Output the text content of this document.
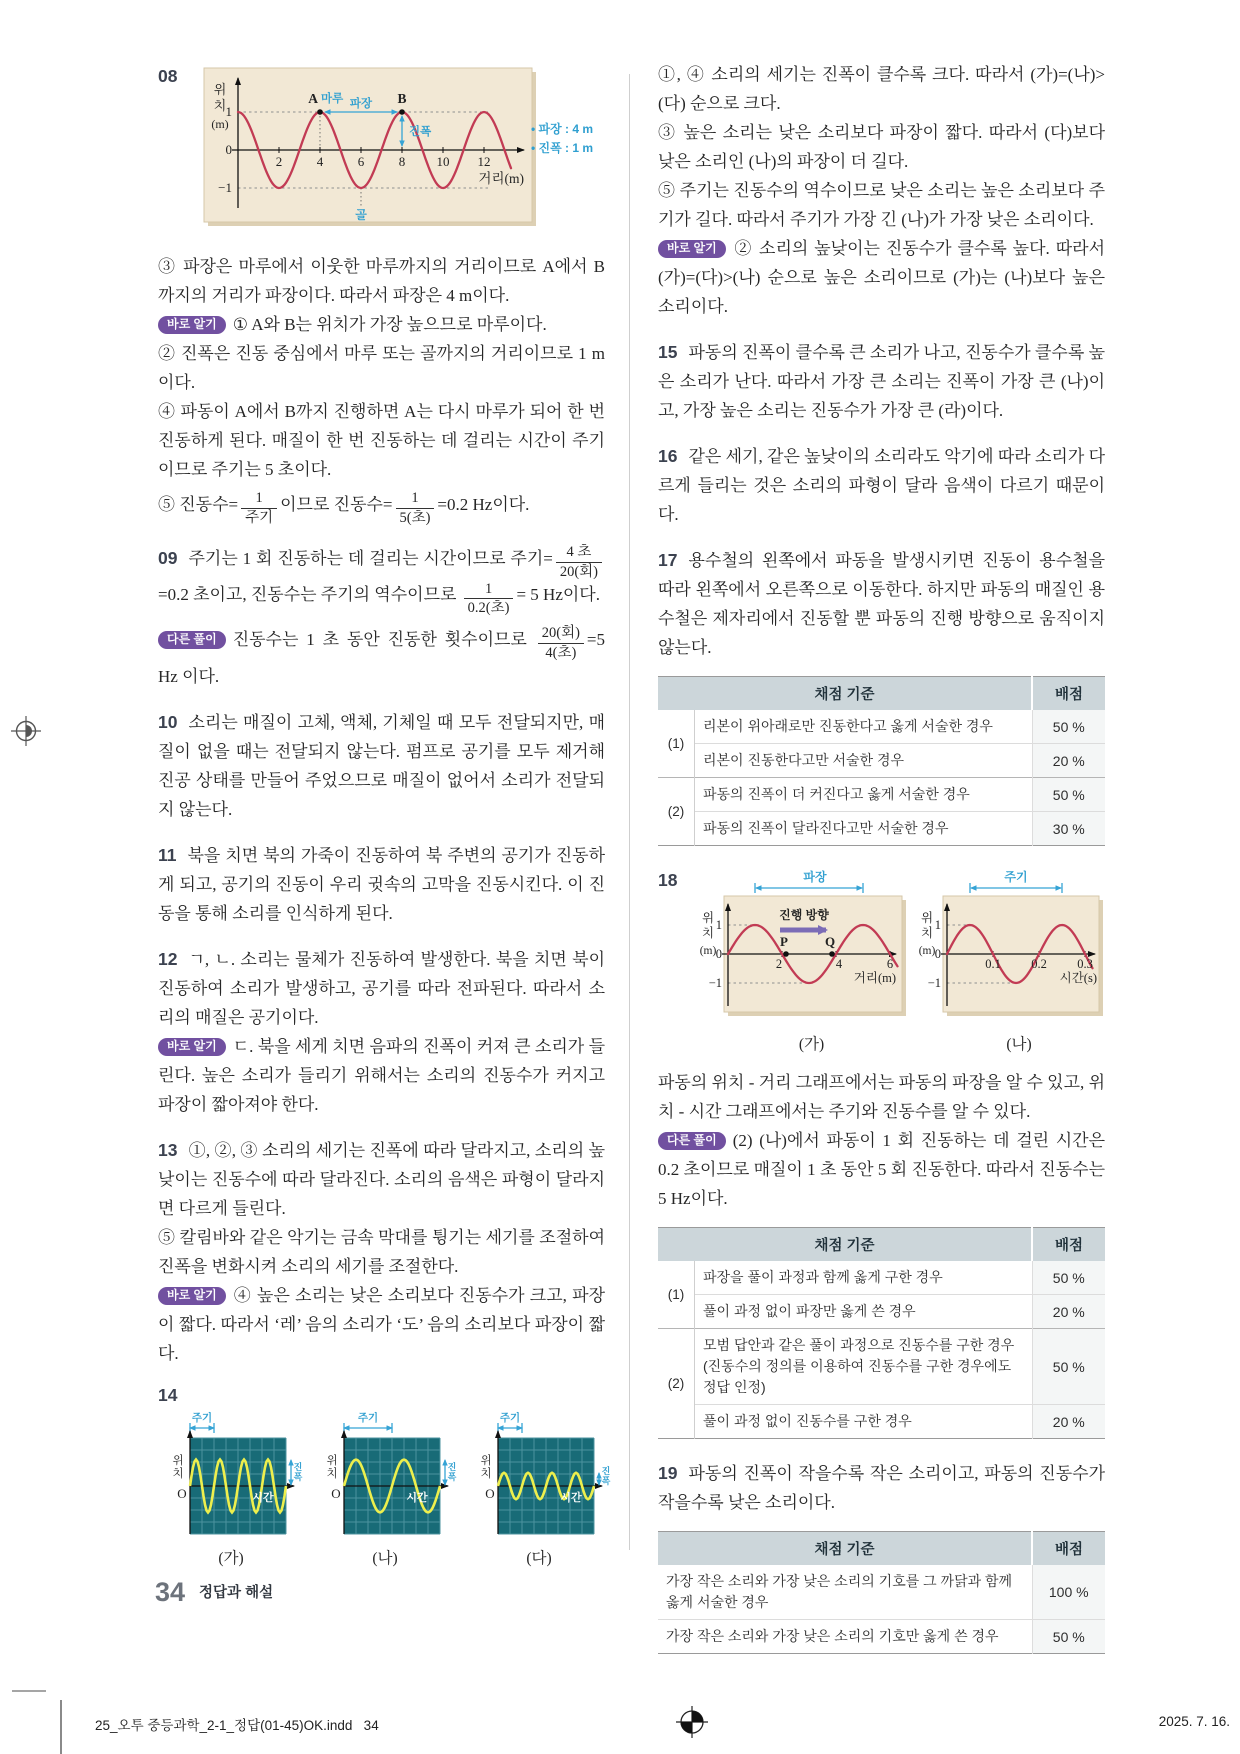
08
위
치
(m)
1
0
−1
2	4	6	8 10 12
거리(m)
A 마루	B
파장
진폭
골
• 파장 : 4 m
• 진폭 : 1 m

③ 파장은 마루에서 이웃한 마루까지의 거리이므로 A에서 B까지의 거리가 파장이다. 따라서 파장은 4 m이다.

바로 알기 ① A와 B는 위치가 가장 높으므로 마루이다.

② 진폭은 진동 중심에서 마루 또는 골까지의 거리이므로 1 m이다.

④ 파동이 A에서 B까지 진행하면 A는 다시 마루가 되어 한 번 진동하게 된다. 매질이 한 번 진동하는 데 걸리는 시간이 주기이므로 주기는 5 초이다.

⑤ 진동수= $\frac{1}{\text{주기}}$ 이므로 진동수= $\frac{1}{\text{5(초)}} =0.2$ Hz이다.

09 주기는 1 회 진동하는 데 걸리는 시간이므로 주기= $\frac{\text{4 초}}{\text{20(회)}}$
=0.2 초이고, 진동수는 주기의 역수이므로 $\frac{1}{\text{0.2(초)}} = 5$ Hz이다.

다른 풀이 진동수는 1 초 동안 진동한 횟수이므로 $\frac{\text{20(회)}}{\text{4(초)}} =5$ Hz 이다.

10 소리는 매질이 고체, 액체, 기체일 때 모두 전달되지만, 매질이 없을 때는 전달되지 않는다. 펌프로 공기를 모두 제거해 진공 상태를 만들어 주었으므로 매질이 없어서 소리가 전달되지 않는다.

11 북을 치면 북의 가죽이 진동하여 북 주변의 공기가 진동하게 되고, 공기의 진동이 우리 귓속의 고막을 진동시킨다. 이 진동을 통해 소리를 인식하게 된다.

12 ㄱ, ㄴ. 소리는 물체가 진동하여 발생한다. 북을 치면 북이 진동하여 소리가 발생하고, 공기를 따라 전파된다. 따라서 소리의 매질은 공기이다.

바로 알기 ㄷ. 북을 세게 치면 음파의 진폭이 커져 큰 소리가 들린다. 높은 소리가 들리기 위해서는 소리의 진동수가 커지고 파장이 짧아져야 한다.

13 ①, ②, ③ 소리의 세기는 진폭에 따라 달라지고, 소리의 높낮이는 진동수에 따라 달라진다. 소리의 음색은 파형이 달라지면 다르게 들린다.

⑤ 칼림바와 같은 악기는 금속 막대를 튕기는 세기를 조절하여 진폭을 변화시켜 소리의 세기를 조절한다.

바로 알기 ④ 높은 소리는 낮은 소리보다 진동수가 크고, 파장이 짧다. 따라서 ‘레’ 음의 소리가 ‘도’ 음의 소리보다 파장이 짧다.

14
주기
위
치
O	시간
진
폭
(가)
주기
위
치
O	시간
진
폭
(나)
주기
위
치
O	시간
진
폭
(다)

①, ④ 소리의 세기는 진폭이 클수록 크다. 따라서 (가)=(나)>(다) 순으로 크다.

③ 높은 소리는 낮은 소리보다 파장이 짧다. 따라서 (다)보다 낮은 소리인 (나)의 파장이 더 길다.

⑤ 주기는 진동수의 역수이므로 낮은 소리는 높은 소리보다 주기가 길다. 따라서 주기가 가장 긴 (나)가 가장 낮은 소리이다.

바로 알기 ② 소리의 높낮이는 진동수가 클수록 높다. 따라서 (가)=(다)>(나) 순으로 높은 소리이므로 (가)는 (나)보다 높은 소리이다.

15 파동의 진폭이 클수록 큰 소리가 나고, 진동수가 클수록 높은 소리가 난다. 따라서 가장 큰 소리는 진폭이 가장 큰 (나)이고, 가장 높은 소리는 진동수가 가장 큰 (라)이다.

16 같은 세기, 같은 높낮이의 소리라도 악기에 따라 소리가 다르게 들리는 것은 소리의 파형이 달라 음색이 다르기 때문이다.

17 용수철의 왼쪽에서 파동을 발생시키면 진동이 용수철을 따라 왼쪽에서 오른쪽으로 이동한다. 하지만 파동의 매질인 용수철은 제자리에서 진동할 뿐 파동의 진행 방향으로 움직이지 않는다.

채점 기준		배점
(1)	리본이 위아래로만 진동한다고 옳게 서술한 경우	50 %
	리본이 진동한다고만 서술한 경우	20 %
(2)	파동의 진폭이 더 커진다고 옳게 서술한 경우	50 %
	파동의 진폭이 달라진다고만 서술한 경우	30 %
18	파장
진행 방향
P	Q
위
치
(m)
1
0
−1
2	4	6
거리(m)
(가)
주기
위
치
(m)
1
0
−1
0.1 0.2 0.3
시간(s)
(나)

파동의 위치 - 거리 그래프에서는 파동의 파장을 알 수 있고, 위치 - 시간 그래프에서는 주기와 진동수를 알 수 있다.

다른 풀이 (2) (나)에서 파동이 1 회 진동하는 데 걸린 시간은 0.2 초이므로 매질이 1 초 동안 5 회 진동한다. 따라서 진동수는 5 Hz이다.

채점 기준		배점
(1)	파장을 풀이 과정과 함께 옳게 구한 경우	50 %
	풀이 과정 없이 파장만 옳게 쓴 경우	20 %
(2)	모범 답안과 같은 풀이 과정으로 진동수를 구한 경우(진동수의 정의를 이용하여 진동수를 구한 경우에도 정답 인정)	50 %
	풀이 과정 없이 진동수를 구한 경우	20 %

19 파동의 진폭이 작을수록 작은 소리이고, 파동의 진동수가 작을수록 낮은 소리이다.

채점 기준	배점
가장 작은 소리와 가장 낮은 소리의 기호를 그 까닭과 함께 옳게 서술한 경우	100 %
가장 작은 소리와 가장 낮은 소리의 기호만 옳게 쓴 경우	50 %
34 정답과 해설
25_오투 중등과학_2-1_정답(01-45)OK.indd   34	2025. 7. 16.
